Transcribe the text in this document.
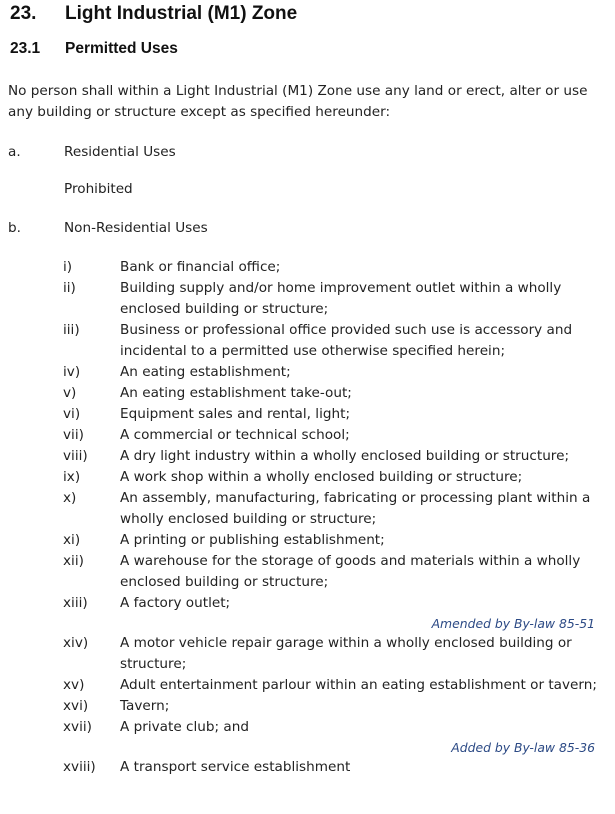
23. Light Industrial (M1) Zone
23.1 Permitted Uses
No person shall within a Light Industrial (M1) Zone use any land or erect, alter or use any building or structure except as specified hereunder:
a.	Residential Uses
Prohibited
b.	Non-Residential Uses
i)	Bank or financial office;
ii)	Building supply and/or home improvement outlet within a wholly enclosed building or structure;
iii)	Business or professional office provided such use is accessory and incidental to a permitted use otherwise specified herein;
iv)	An eating establishment;
v)	An eating establishment take-out;
vi)	Equipment sales and rental, light;
vii)	A commercial or technical school;
viii)	A dry light industry within a wholly enclosed building or structure;
ix)	A work shop within a wholly enclosed building or structure;
x)	An assembly, manufacturing, fabricating or processing plant within a wholly enclosed building or structure;
xi)	A printing or publishing establishment;
xii)	A warehouse for the storage of goods and materials within a wholly enclosed building or structure;
xiii)	A factory outlet;
Amended by By-law 85-51
xiv)	A motor vehicle repair garage within a wholly enclosed building or structure;
xv)	Adult entertainment parlour within an eating establishment or tavern;
xvi)	Tavern;
xvii)	A private club; and
Added by By-law 85-36
xviii)	A transport service establishment
